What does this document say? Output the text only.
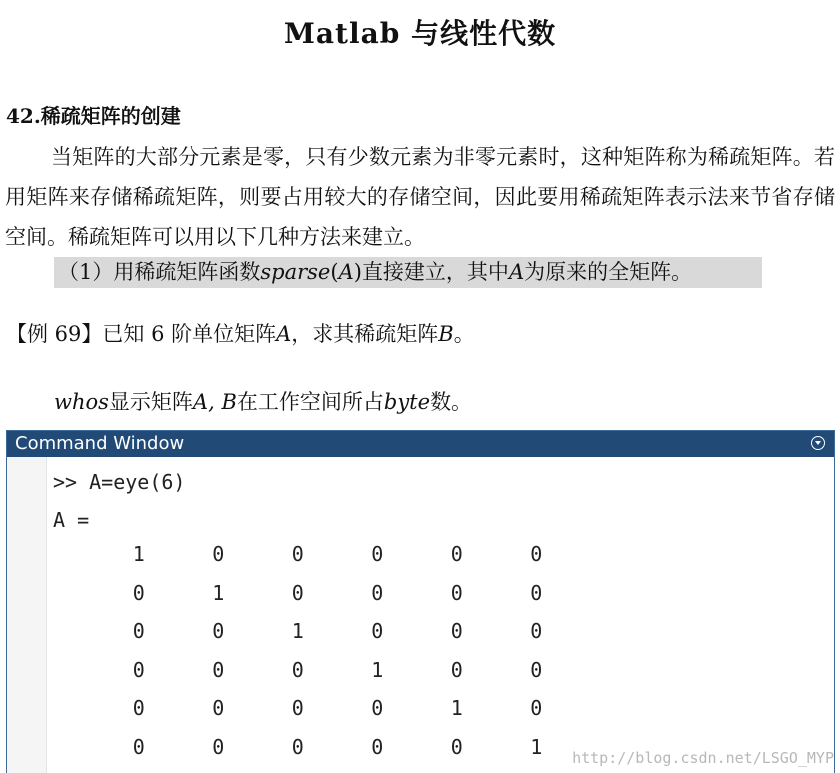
Matlab 与线性代数
42.稀疏矩阵的创建
当矩阵的大部分元素是零，只有少数元素为非零元素时，这种矩阵称为稀疏矩阵。若用矩阵来存储稀疏矩阵，则要占用较大的存储空间，因此要用稀疏矩阵表示法来节省存储空间。稀疏矩阵可以用以下几种方法来建立。
（1）用稀疏矩阵函数sparse(A)直接建立，其中A为原来的全矩阵。
【例 69】已知 6 阶单位矩阵A，求其稀疏矩阵B。
whos显示矩阵A, B在工作空间所占byte数。
Command Window
>> A=eye(6)
A =
1	0	0	0	0	0
0	1	0	0	0	0
0	0	1	0	0	0
0	0	0	1	0	0
0	0	0	0	1	0
0	0	0	0	0	1	http://blog.csdn.net/LSGO_MYP
